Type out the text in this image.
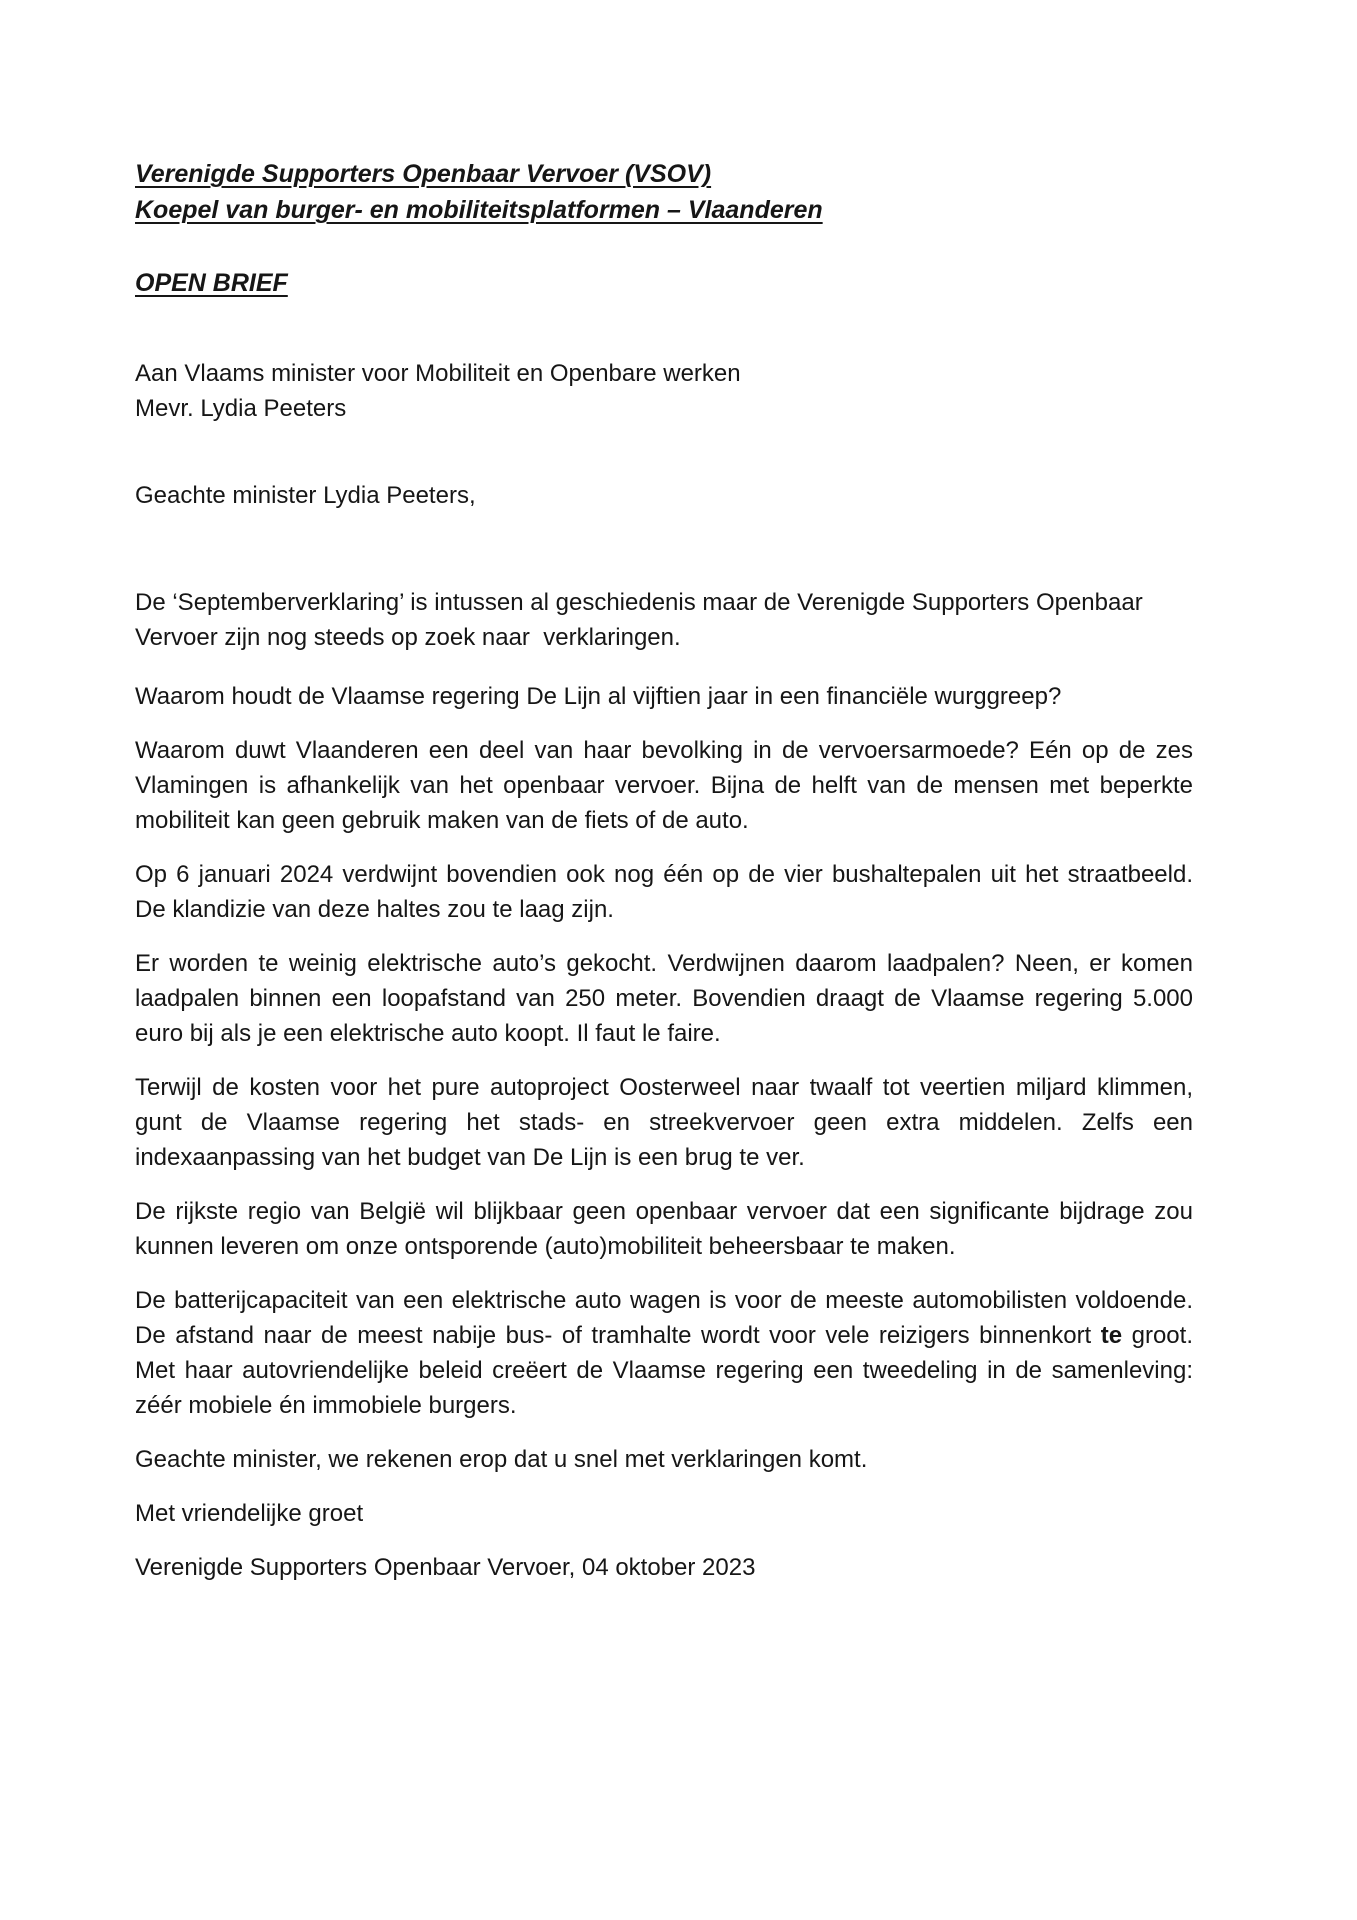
Verenigde Supporters Openbaar Vervoer (VSOV)

Koepel van burger- en mobiliteitsplatformen – Vlaanderen

OPEN BRIEF

Aan Vlaams minister voor Mobiliteit en Openbare werken

Mevr. Lydia Peeters

Geachte minister Lydia Peeters,

De ‘Septemberverklaring’ is intussen al geschiedenis maar de Verenigde Supporters Openbaar Vervoer zijn nog steeds op zoek naar  verklaringen.

Waarom houdt de Vlaamse regering De Lijn al vijftien jaar in een financiële wurggreep?

Waarom duwt Vlaanderen een deel van haar bevolking in de vervoersarmoede? Eén op de zes Vlamingen is afhankelijk van het openbaar vervoer. Bijna de helft van de mensen met beperkte mobiliteit kan geen gebruik maken van de fiets of de auto.

Op 6 januari 2024 verdwijnt bovendien ook nog één op de vier bushaltepalen uit het straatbeeld. De klandizie van deze haltes zou te laag zijn.

Er worden te weinig elektrische auto’s gekocht. Verdwijnen daarom laadpalen? Neen, er komen laadpalen binnen een loopafstand van 250 meter. Bovendien draagt de Vlaamse regering 5.000 euro bij als je een elektrische auto koopt. Il faut le faire.

Terwijl de kosten voor het pure autoproject Oosterweel naar twaalf tot veertien miljard klimmen, gunt de Vlaamse regering het stads- en streekvervoer geen extra middelen. Zelfs een indexaanpassing van het budget van De Lijn is een brug te ver.

De rijkste regio van België wil blijkbaar geen openbaar vervoer dat een significante bijdrage zou kunnen leveren om onze ontsporende (auto)mobiliteit beheersbaar te maken.

De batterijcapaciteit van een elektrische auto wagen is voor de meeste automobilisten voldoende. De afstand naar de meest nabije bus- of tramhalte wordt voor vele reizigers binnenkort te groot. Met haar autovriendelijke beleid creëert de Vlaamse regering een tweedeling in de samenleving: zéér mobiele én immobiele burgers.

Geachte minister, we rekenen erop dat u snel met verklaringen komt.

Met vriendelijke groet

Verenigde Supporters Openbaar Vervoer, 04 oktober 2023
